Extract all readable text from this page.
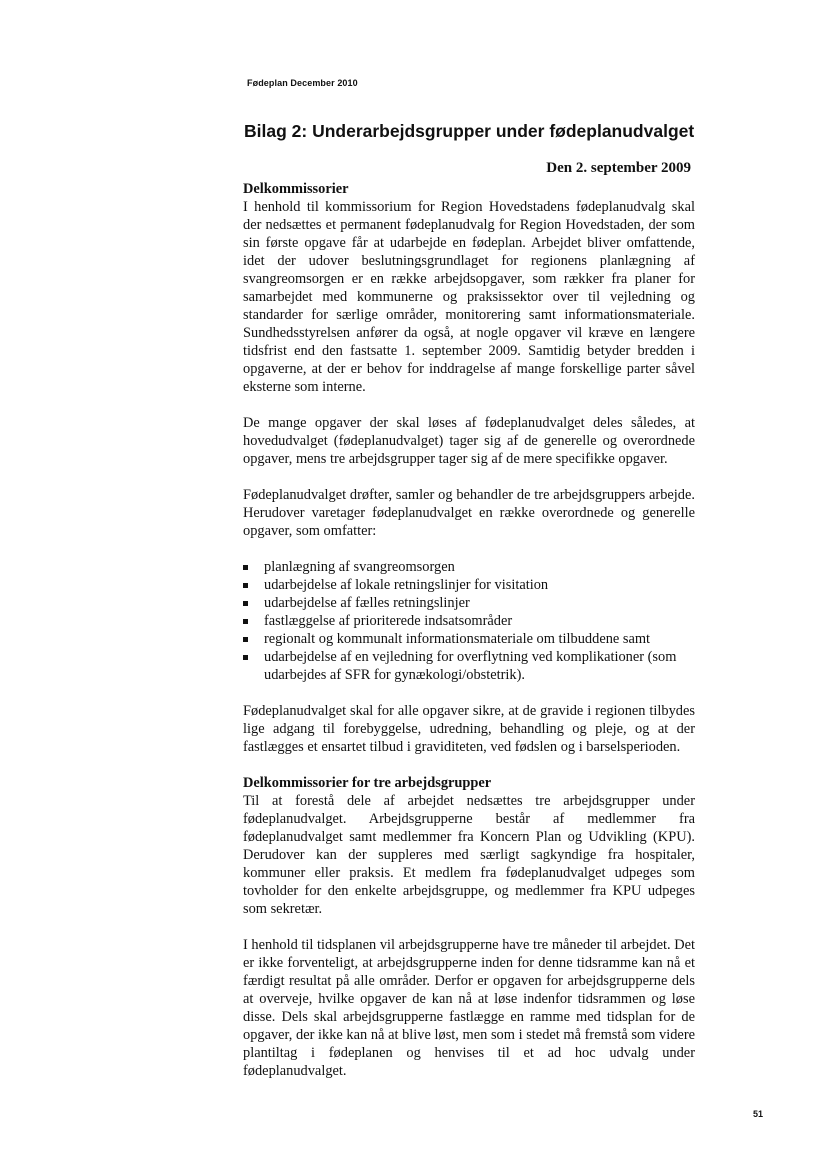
Fødeplan December 2010
Bilag 2: Underarbejdsgrupper under fødeplanudvalget
Den 2. september 2009

Delkommissorier

I henhold til kommissorium for Region Hovedstadens fødeplanudvalg skal der nedsættes et permanent fødeplanudvalg for Region Hovedstaden, der som sin første opgave får at udarbejde en fødeplan. Arbejdet bliver omfattende, idet der udover beslutningsgrundlaget for regionens planlægning af svangreomsorgen er en række arbejdsopgaver, som rækker fra planer for samarbejdet med kommunerne og praksissektor over til vejledning og standarder for særlige områder, monitorering samt informationsmateriale. Sundhedsstyrelsen anfører da også, at nogle opgaver vil kræve en længere tidsfrist end den fastsatte 1. september 2009. Samtidig betyder bredden i opgaverne, at der er behov for inddragelse af mange forskellige parter såvel eksterne som interne.

De mange opgaver der skal løses af fødeplanudvalget deles således, at hovedudvalget (fødeplanudvalget) tager sig af de generelle og overordnede opgaver, mens tre arbejdsgrupper tager sig af de mere specifikke opgaver.

Fødeplanudvalget drøfter, samler og behandler de tre arbejdsgruppers arbejde. Herudover varetager fødeplanudvalget en række overordnede og generelle opgaver, som omfatter:

planlægning af svangreomsorgen
udarbejdelse af lokale retningslinjer for visitation
udarbejdelse af fælles retningslinjer
fastlæggelse af prioriterede indsatsområder
regionalt og kommunalt informationsmateriale om tilbuddene samt
udarbejdelse af en vejledning for overflytning ved komplikationer (som udarbejdes af SFR for gynækologi/obstetrik).

Fødeplanudvalget skal for alle opgaver sikre, at de gravide i regionen tilbydes lige adgang til forebyggelse, udredning, behandling og pleje, og at der fastlægges et ensartet tilbud i graviditeten, ved fødslen og i barselsperioden.

Delkommissorier for tre arbejdsgrupper

Til at forestå dele af arbejdet nedsættes tre arbejdsgrupper under fødeplanudvalget. Arbejdsgrupperne består af medlemmer fra fødeplanudvalget samt medlemmer fra Koncern Plan og Udvikling (KPU). Derudover kan der suppleres med særligt sagkyndige fra hospitaler, kommuner eller praksis. Et medlem fra fødeplanudvalget udpeges som tovholder for den enkelte arbejdsgruppe, og medlemmer fra KPU udpeges som sekretær.

I henhold til tidsplanen vil arbejdsgrupperne have tre måneder til arbejdet. Det er ikke forventeligt, at arbejdsgrupperne inden for denne tidsramme kan nå et færdigt resultat på alle områder. Derfor er opgaven for arbejdsgrupperne dels at overveje, hvilke opgaver de kan nå at løse indenfor tidsrammen og løse disse. Dels skal arbejdsgrupperne fastlægge en ramme med tidsplan for de opgaver, der ikke kan nå at blive løst, men som i stedet må fremstå som videre plantiltag i fødeplanen og henvises til et ad hoc udvalg under fødeplanudvalget.

51
